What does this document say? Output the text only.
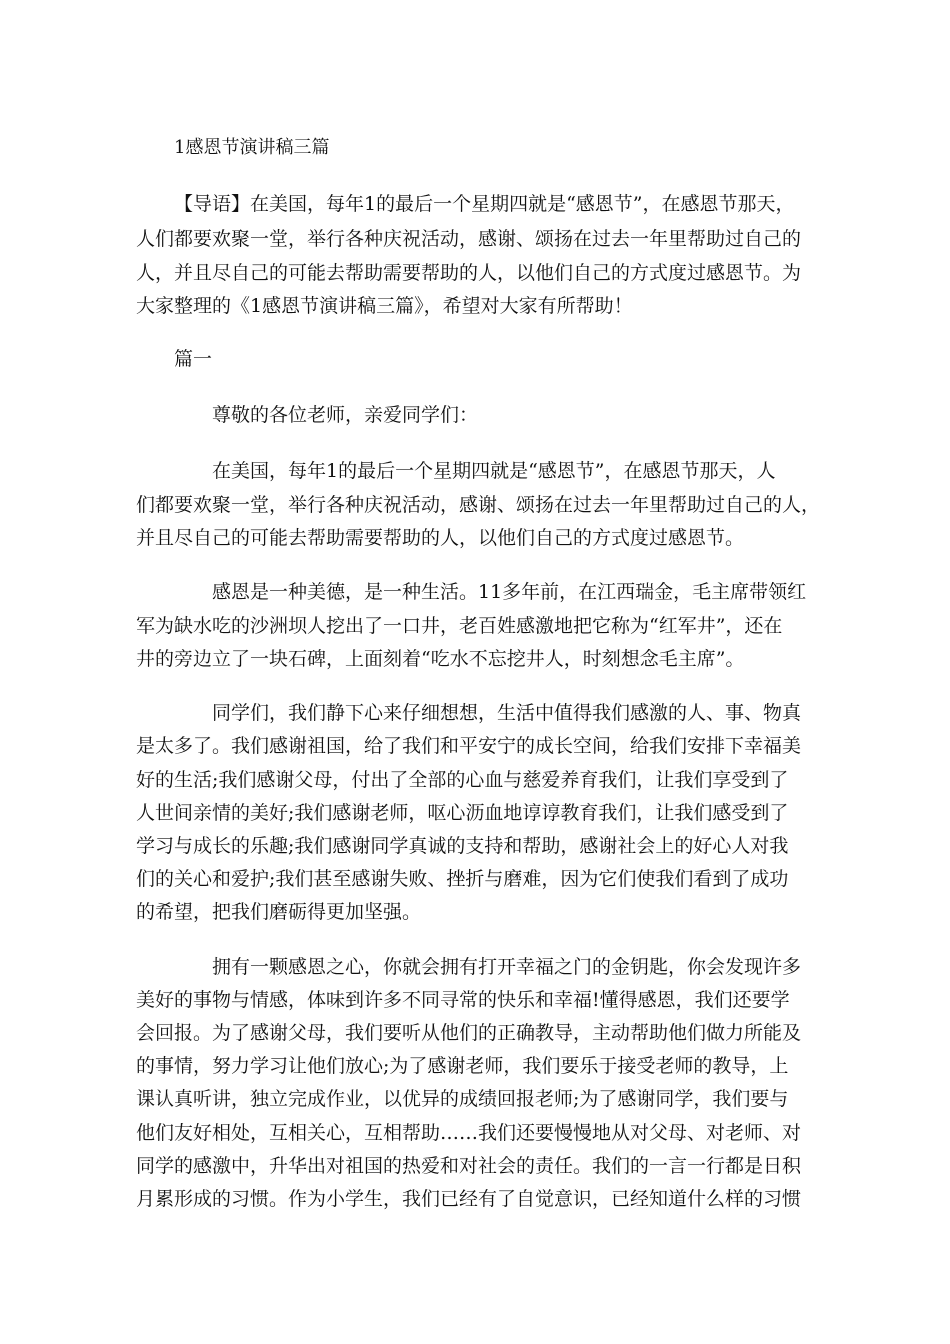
1感恩节演讲稿三篇
【导语】在美国，每年1的最后一个星期四就是“感恩节”，在感恩节那天，
人们都要欢聚一堂，举行各种庆祝活动，感谢、颂扬在过去一年里帮助过自己的
人，并且尽自己的可能去帮助需要帮助的人，以他们自己的方式度过感恩节。为
大家整理的《1感恩节演讲稿三篇》，希望对大家有所帮助！
篇一
尊敬的各位老师，亲爱同学们：
在美国，每年1的最后一个星期四就是“感恩节”，在感恩节那天，人
们都要欢聚一堂，举行各种庆祝活动，感谢、颂扬在过去一年里帮助过自己的人，
并且尽自己的可能去帮助需要帮助的人，以他们自己的方式度过感恩节。
感恩是一种美德，是一种生活。11多年前，在江西瑞金，毛主席带领红
军为缺水吃的沙洲坝人挖出了一口井，老百姓感激地把它称为“红军井”，还在
井的旁边立了一块石碑，上面刻着“吃水不忘挖井人，时刻想念毛主席”。
同学们，我们静下心来仔细想想，生活中值得我们感激的人、事、物真
是太多了。我们感谢祖国，给了我们和平安宁的成长空间，给我们安排下幸福美
好的生活;我们感谢父母，付出了全部的心血与慈爱养育我们，让我们享受到了
人世间亲情的美好;我们感谢老师，呕心沥血地谆谆教育我们，让我们感受到了
学习与成长的乐趣;我们感谢同学真诚的支持和帮助，感谢社会上的好心人对我
们的关心和爱护;我们甚至感谢失败、挫折与磨难，因为它们使我们看到了成功
的希望，把我们磨砺得更加坚强。
拥有一颗感恩之心，你就会拥有打开幸福之门的金钥匙，你会发现许多
美好的事物与情感，体味到许多不同寻常的快乐和幸福!懂得感恩，我们还要学
会回报。为了感谢父母，我们要听从他们的正确教导，主动帮助他们做力所能及
的事情，努力学习让他们放心;为了感谢老师，我们要乐于接受老师的教导，上
课认真听讲，独立完成作业，以优异的成绩回报老师;为了感谢同学，我们要与
他们友好相处，互相关心，互相帮助……我们还要慢慢地从对父母、对老师、对
同学的感激中，升华出对祖国的热爱和对社会的责任。我们的一言一行都是日积
月累形成的习惯。作为小学生，我们已经有了自觉意识，已经知道什么样的习惯
